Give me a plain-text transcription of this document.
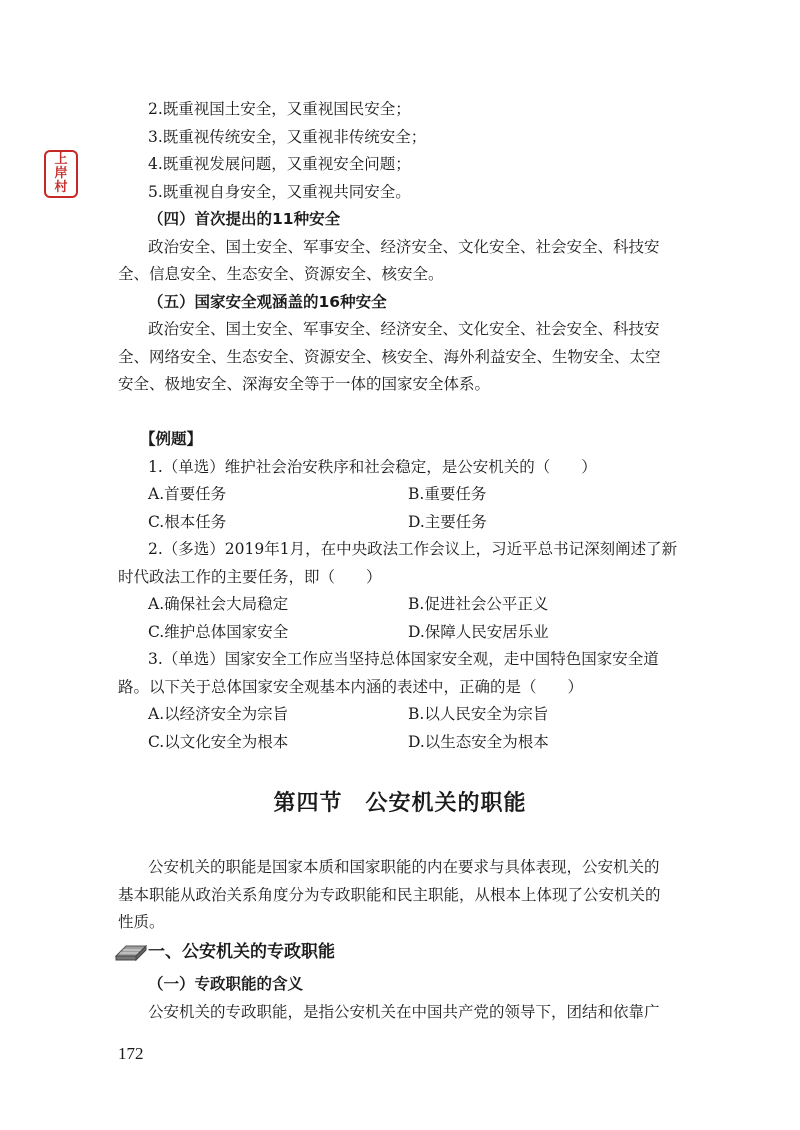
上
岸
村
2.既重视国土安全，又重视国民安全；
3.既重视传统安全，又重视非传统安全；
4.既重视发展问题，又重视安全问题；
5.既重视自身安全，又重视共同安全。
（四）首次提出的11种安全
政治安全、国土安全、军事安全、经济安全、文化安全、社会安全、科技安
全、信息安全、生态安全、资源安全、核安全。
（五）国家安全观涵盖的16种安全
政治安全、国土安全、军事安全、经济安全、文化安全、社会安全、科技安
全、网络安全、生态安全、资源安全、核安全、海外利益安全、生物安全、太空
安全、极地安全、深海安全等于一体的国家安全体系。
【例题】
1.（单选）维护社会治安秩序和社会稳定，是公安机关的（　　）
A.首要任务	B.重要任务
C.根本任务	D.主要任务
2.（多选）2019年1月，在中央政法工作会议上，习近平总书记深刻阐述了新
时代政法工作的主要任务，即（　　）
A.确保社会大局稳定	B.促进社会公平正义
C.维护总体国家安全	D.保障人民安居乐业
3.（单选）国家安全工作应当坚持总体国家安全观，走中国特色国家安全道
路。以下关于总体国家安全观基本内涵的表述中，正确的是（　　）
A.以经济安全为宗旨	B.以人民安全为宗旨
C.以文化安全为根本	D.以生态安全为根本
第四节　公安机关的职能
公安机关的职能是国家本质和国家职能的内在要求与具体表现，公安机关的
基本职能从政治关系角度分为专政职能和民主职能，从根本上体现了公安机关的
性质。
一、公安机关的专政职能
（一）专政职能的含义
公安机关的专政职能，是指公安机关在中国共产党的领导下，团结和依靠广
172
